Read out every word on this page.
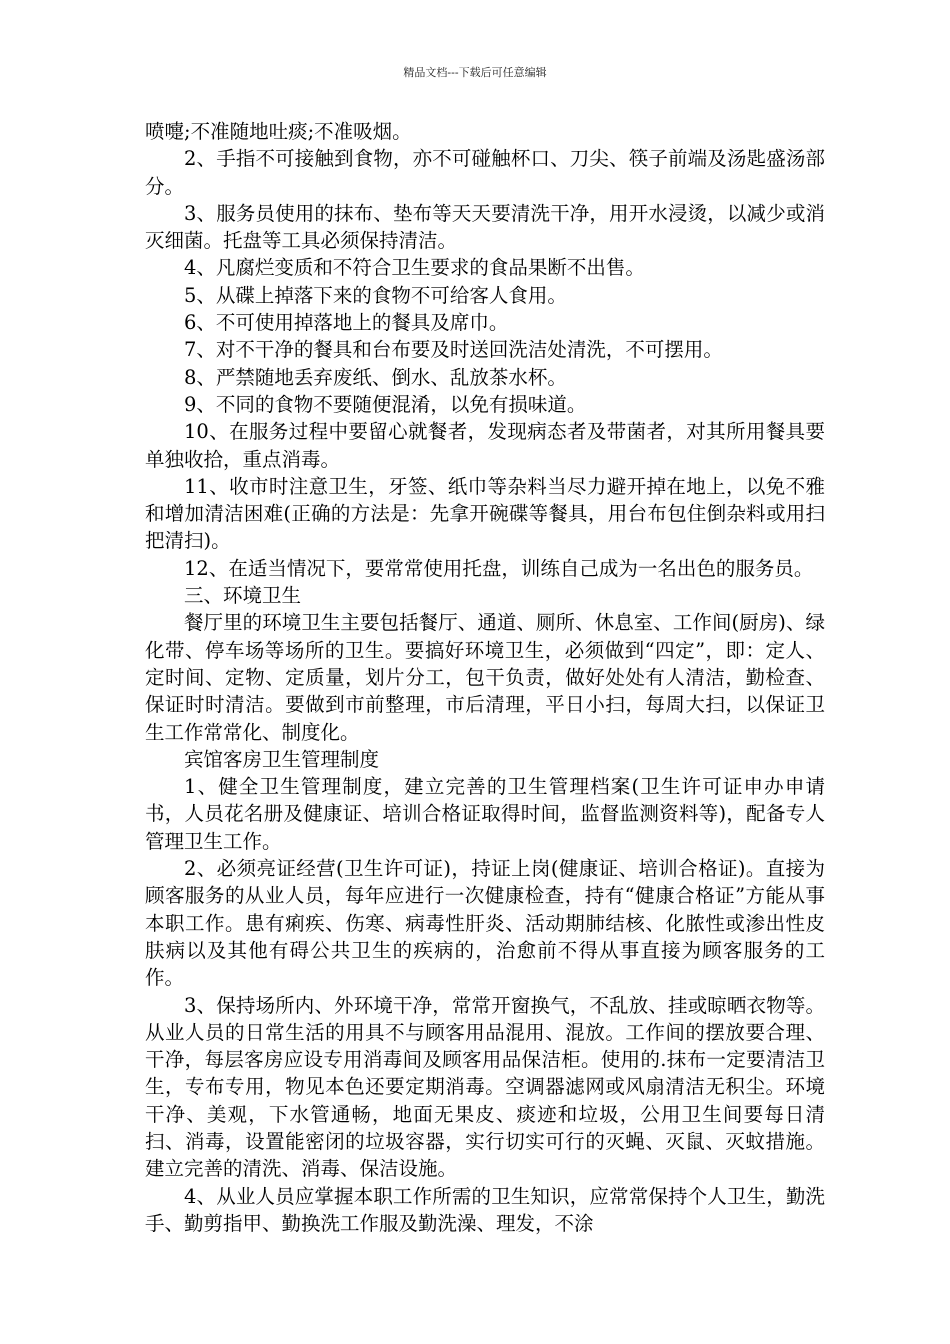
精品文档---下载后可任意编辑

喷嚏;不准随地吐痰;不准吸烟。

2、手指不可接触到食物，亦不可碰触杯口、刀尖、筷子前端及汤匙盛汤部分。

3、服务员使用的抹布、垫布等天天要清洗干净，用开水浸烫，以减少或消灭细菌。托盘等工具必须保持清洁。

4、凡腐烂变质和不符合卫生要求的食品果断不出售。

5、从碟上掉落下来的食物不可给客人食用。

6、不可使用掉落地上的餐具及席巾。

7、对不干净的餐具和台布要及时送回洗洁处清洗，不可摆用。

8、严禁随地丢弃废纸、倒水、乱放茶水杯。

9、不同的食物不要随便混淆，以免有损味道。

10、在服务过程中要留心就餐者，发现病态者及带菌者，对其所用餐具要单独收拾，重点消毒。

11、收市时注意卫生，牙签、纸巾等杂料当尽力避开掉在地上，以免不雅和增加清洁困难(正确的方法是：先拿开碗碟等餐具，用台布包住倒杂料或用扫把清扫)。

12、在适当情况下，要常常使用托盘，训练自己成为一名出色的服务员。

三、环境卫生

餐厅里的环境卫生主要包括餐厅、通道、厕所、休息室、工作间(厨房)、绿化带、停车场等场所的卫生。要搞好环境卫生，必须做到“四定”，即：定人、定时间、定物、定质量，划片分工，包干负责，做好处处有人清洁，勤检查、保证时时清洁。要做到市前整理，市后清理，平日小扫，每周大扫，以保证卫生工作常常化、制度化。

宾馆客房卫生管理制度

1、健全卫生管理制度，建立完善的卫生管理档案(卫生许可证申办申请书，人员花名册及健康证、培训合格证取得时间，监督监测资料等)，配备专人管理卫生工作。

2、必须亮证经营(卫生许可证)，持证上岗(健康证、培训合格证)。直接为顾客服务的从业人员，每年应进行一次健康检查，持有“健康合格证”方能从事本职工作。患有痢疾、伤寒、病毒性肝炎、活动期肺结核、化脓性或渗出性皮肤病以及其他有碍公共卫生的疾病的，治愈前不得从事直接为顾客服务的工作。

3、保持场所内、外环境干净，常常开窗换气，不乱放、挂或晾晒衣物等。从业人员的日常生活的用具不与顾客用品混用、混放。工作间的摆放要合理、干净，每层客房应设专用消毒间及顾客用品保洁柜。使用的.抹布一定要清洁卫生，专布专用，物见本色还要定期消毒。空调器滤网或风扇清洁无积尘。环境干净、美观，下水管通畅，地面无果皮、痰迹和垃圾，公用卫生间要每日清扫、消毒，设置能密闭的垃圾容器，实行切实可行的灭蝇、灭鼠、灭蚊措施。建立完善的清洗、消毒、保洁设施。

4、从业人员应掌握本职工作所需的卫生知识，应常常保持个人卫生，勤洗手、勤剪指甲、勤换洗工作服及勤洗澡、理发，不涂
